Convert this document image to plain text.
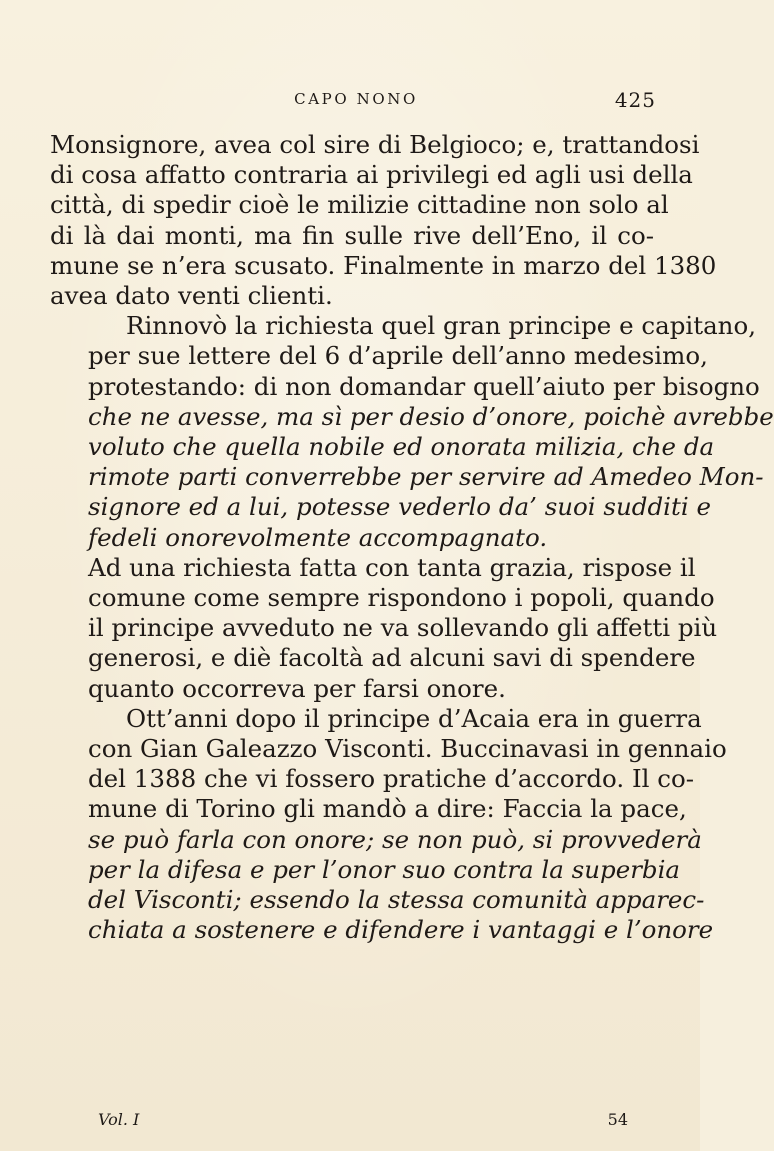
CAPO NONO	425

Monsignore, avea col sire di Belgioco; e, trattandosi
di cosa affatto contraria ai privilegi ed agli usi della
città, di spedir cioè le milizie cittadine non solo al
di là dai monti, ma fin sulle rive dell’Eno, il co-
mune se n’era scusato. Finalmente in marzo del 1380
avea dato venti clienti.

Rinnovò la richiesta quel gran principe e capitano,
per sue lettere del 6 d’aprile dell’anno medesimo,
protestando: di non domandar quell’aiuto per bisogno
che ne avesse, ma sì per desio d’onore, poichè avrebbe
voluto che quella nobile ed onorata milizia, che da
rimote parti converrebbe per servire ad Amedeo Mon-
signore ed a lui, potesse vederlo da’ suoi sudditi e
fedeli onorevolmente accompagnato.

Ad una richiesta fatta con tanta grazia, rispose il
comune come sempre rispondono i popoli, quando
il principe avveduto ne va sollevando gli affetti più
generosi, e diè facoltà ad alcuni savi di spendere
quanto occorreva per farsi onore.

Ott’anni dopo il principe d’Acaia era in guerra
con Gian Galeazzo Visconti. Buccinavasi in gennaio
del 1388 che vi fossero pratiche d’accordo. Il co-
mune di Torino gli mandò a dire: Faccia la pace,
se può farla con onore; se non può, si provvederà
per la difesa e per l’onor suo contra la superbia
del Visconti; essendo la stessa comunità apparec-
chiata a sostenere e difendere i vantaggi e l’onore

Vol. I	54
